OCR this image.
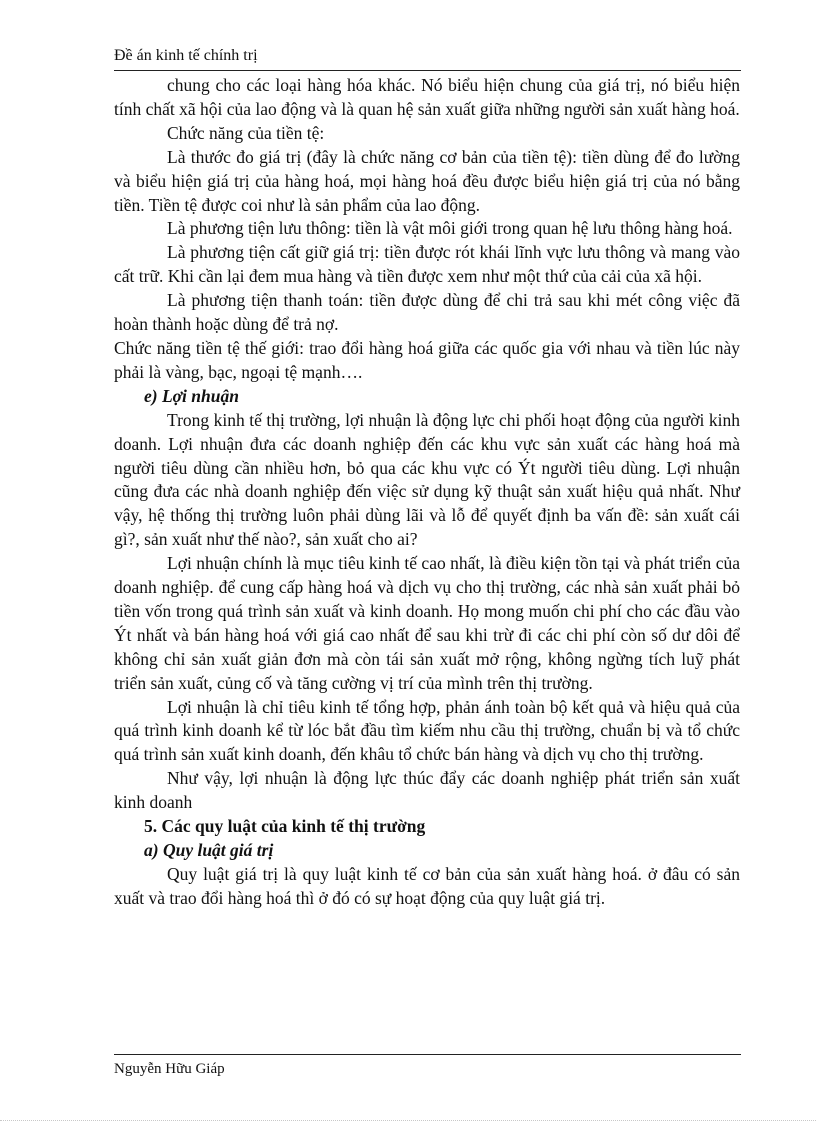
Đề án kinh tế chính trị

chung cho các loại hàng hóa khác. Nó biểu hiện chung của giá trị, nó biểu hiện tính chất xã hội của lao động và là quan hệ sản xuất giữa những người sản xuất hàng hoá.

Chức năng của tiền tệ:

Là thước đo giá trị (đây là chức năng cơ bản của tiền tệ): tiền dùng để đo lường và biểu hiện giá trị của hàng hoá, mọi hàng hoá đều được biểu hiện giá trị của nó bằng tiền. Tiền tệ được coi như là sản phẩm của lao động.

Là phương tiện lưu thông: tiền là vật môi giới trong quan hệ lưu thông hàng hoá.

Là phương tiện cất giữ giá trị: tiền được rót khái lĩnh vực lưu thông và mang vào cất trữ. Khi cần lại đem mua hàng và tiền được xem như một thứ của cải của xã hội.

Là phương tiện thanh toán: tiền được dùng để chi trả sau khi mét công việc đã hoàn thành hoặc dùng để trả nợ.

Chức năng tiền tệ thế giới: trao đổi hàng hoá giữa các quốc gia với nhau và tiền lúc này phải là vàng, bạc, ngoại tệ mạnh….

e) Lợi nhuận

Trong kinh tế thị trường, lợi nhuận là động lực chi phối hoạt động của người kinh doanh. Lợi nhuận đưa các doanh nghiệp đến các khu vực sản xuất các hàng hoá mà người tiêu dùng cần nhiều hơn, bỏ qua các khu vực có Ýt người tiêu dùng. Lợi nhuận cũng đưa các nhà doanh nghiệp đến việc sử dụng kỹ thuật sản xuất hiệu quả nhất. Như vậy, hệ thống thị trường luôn phải dùng lãi và lỗ để quyết định ba vấn đề: sản xuất cái gì?, sản xuất như thế nào?, sản xuất cho ai?

Lợi nhuận chính là mục tiêu kinh tế cao nhất, là điều kiện tồn tại và phát triển của doanh nghiệp. để cung cấp hàng hoá và dịch vụ cho thị trường, các nhà sản xuất phải bỏ tiền vốn trong quá trình sản xuất và kinh doanh. Họ mong muốn chi phí cho các đầu vào Ýt nhất và bán hàng hoá với giá cao nhất để sau khi trừ đi các chi phí còn số dư dôi để không chỉ sản xuất giản đơn mà còn tái sản xuất mở rộng, không ngừng tích luỹ phát triển sản xuất, củng cố và tăng cường vị trí của mình trên thị trường.

Lợi nhuận là chỉ tiêu kinh tế tổng hợp, phản ánh toàn bộ kết quả và hiệu quả của quá trình kinh doanh kể từ lóc bắt đầu tìm kiếm nhu cầu thị trường, chuẩn bị và tổ chức quá trình sản xuất kinh doanh, đến khâu tổ chức bán hàng và dịch vụ cho thị trường.

Như vậy, lợi nhuận là động lực thúc đẩy các doanh nghiệp phát triển sản xuất kinh doanh

5. Các quy luật của kinh tế thị trường

a) Quy luật giá trị

Quy luật giá trị là quy luật kinh tế cơ bản của sản xuất hàng hoá. ở đâu có sản xuất và trao đổi hàng hoá thì ở đó có sự hoạt động của quy luật giá trị.

Nguyễn Hữu Giáp
